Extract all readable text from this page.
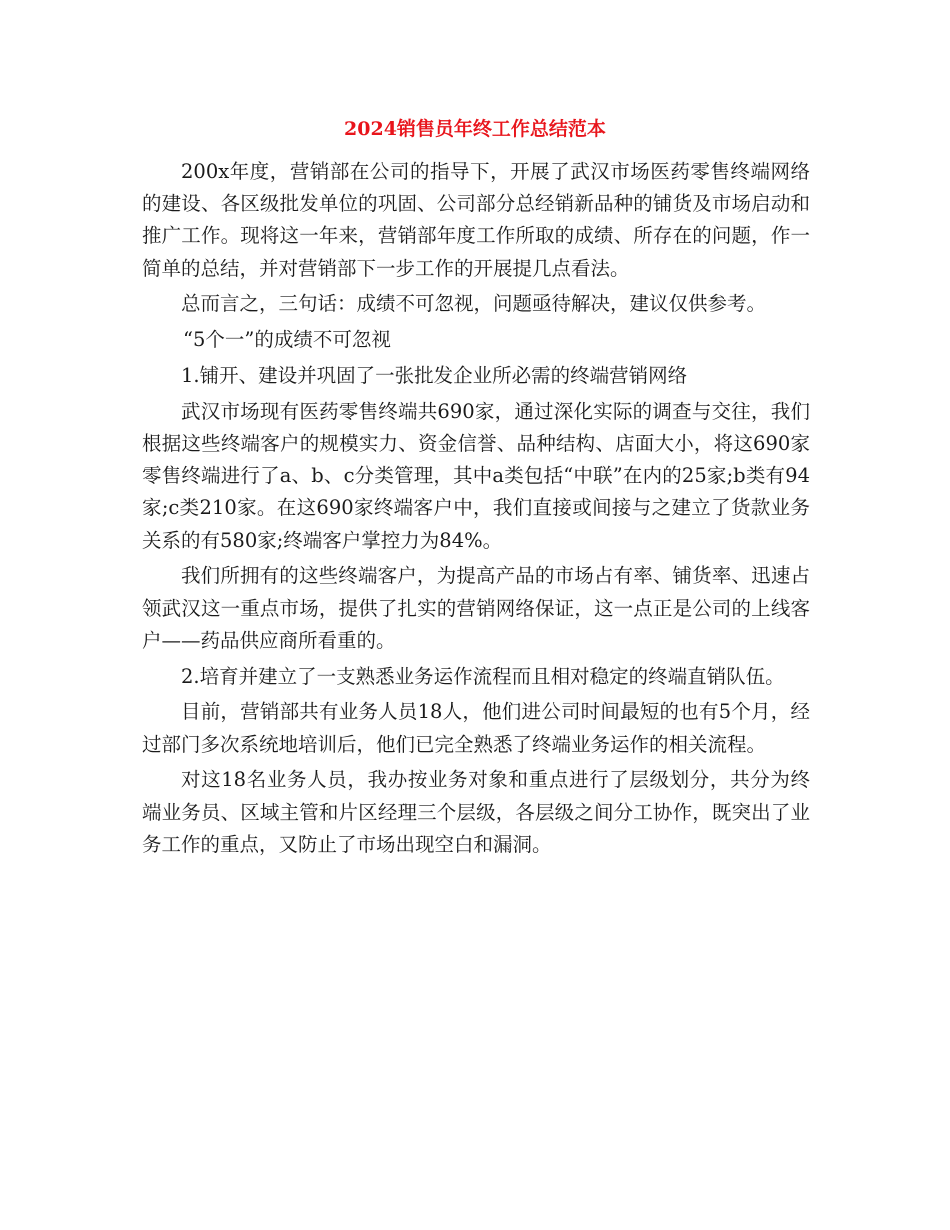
2024销售员年终工作总结范本

200x年度，营销部在公司的指导下，开展了武汉市场医药零售终端网络的建设、各区级批发单位的巩固、公司部分总经销新品种的铺货及市场启动和推广工作。现将这一年来，营销部年度工作所取的成绩、所存在的问题，作一简单的总结，并对营销部下一步工作的开展提几点看法。

总而言之，三句话：成绩不可忽视，问题亟待解决，建议仅供参考。

“5个一”的成绩不可忽视

1.铺开、建设并巩固了一张批发企业所必需的终端营销网络

武汉市场现有医药零售终端共690家，通过深化实际的调查与交往，我们根据这些终端客户的规模实力、资金信誉、品种结构、店面大小，将这690家零售终端进行了a、b、c分类管理，其中a类包括“中联”在内的25家;b类有94家;c类210家。在这690家终端客户中，我们直接或间接与之建立了货款业务关系的有580家;终端客户掌控力为84%。

我们所拥有的这些终端客户，为提高产品的市场占有率、铺货率、迅速占领武汉这一重点市场，提供了扎实的营销网络保证，这一点正是公司的上线客户——药品供应商所看重的。

2.培育并建立了一支熟悉业务运作流程而且相对稳定的终端直销队伍。

目前，营销部共有业务人员18人，他们进公司时间最短的也有5个月，经过部门多次系统地培训后，他们已完全熟悉了终端业务运作的相关流程。

对这18名业务人员，我办按业务对象和重点进行了层级划分，共分为终端业务员、区域主管和片区经理三个层级，各层级之间分工协作，既突出了业务工作的重点，又防止了市场出现空白和漏洞。
